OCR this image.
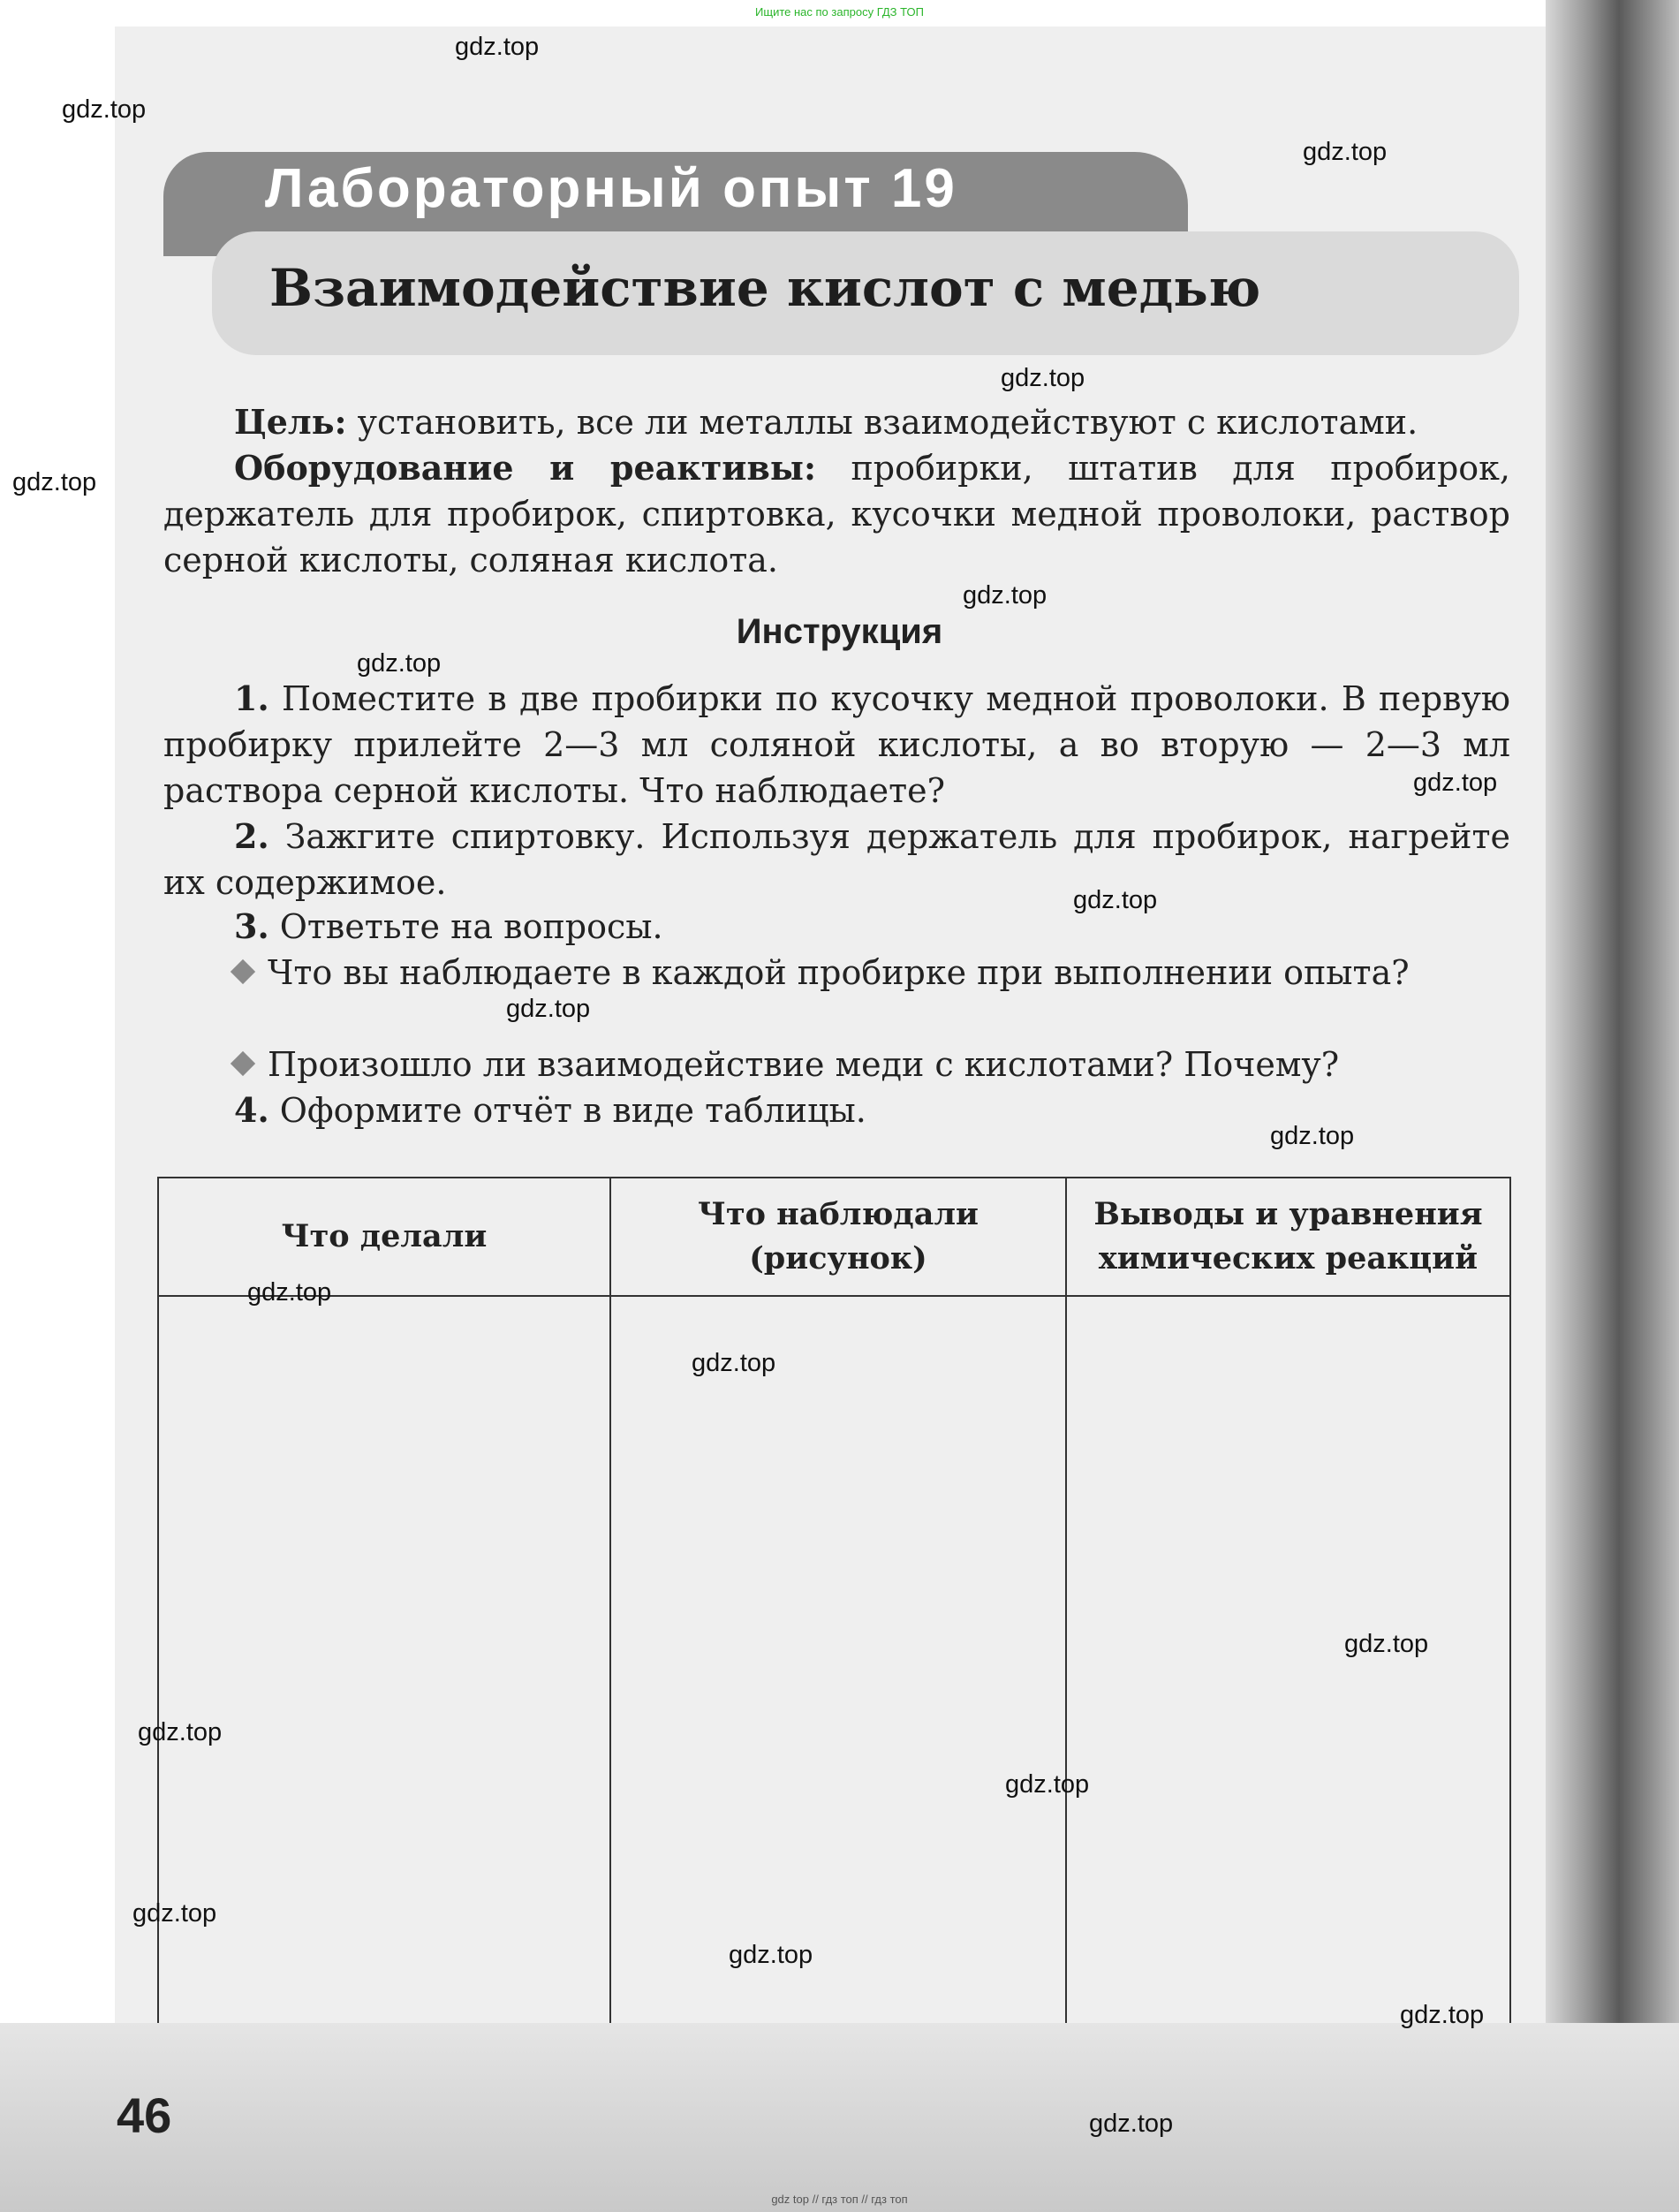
Ищите нас по запросу ГДЗ ТОП
Лабораторный опыт 19
Взаимодействие кислот с медью
Цель: установить, все ли металлы взаимодействуют с кислотами.
Оборудование и реактивы: пробирки, штатив для пробирок, держатель для пробирок, спиртовка, кусочки медной проволоки, раствор серной кислоты, соляная кислота.
Инструкция
1. Поместите в две пробирки по кусочку медной проволоки. В первую пробирку прилейте 2—3 мл соляной кислоты, а во вторую — 2—3 мл раствора серной кислоты. Что наблюдаете?
2. Зажгите спиртовку. Используя держатель для пробирок, нагрейте их содержимое.
3. Ответьте на вопросы.
Что вы наблюдаете в каждой пробирке при выполнении опыта?
Произошло ли взаимодействие меди с кислотами? Почему?
4. Оформите отчёт в виде таблицы.
Что делали	Что наблюдали (рисунок)	Выводы и уравнения химических реакций

46
gdz top // гдз топ // гдз топ
gdz.top
gdz.top
gdz.top
gdz.top
gdz.top
gdz.top
gdz.top
gdz.top
gdz.top
gdz.top
gdz.top
gdz.top
gdz.top
gdz.top
gdz.top
gdz.top
gdz.top
gdz.top
gdz.top
gdz.top
